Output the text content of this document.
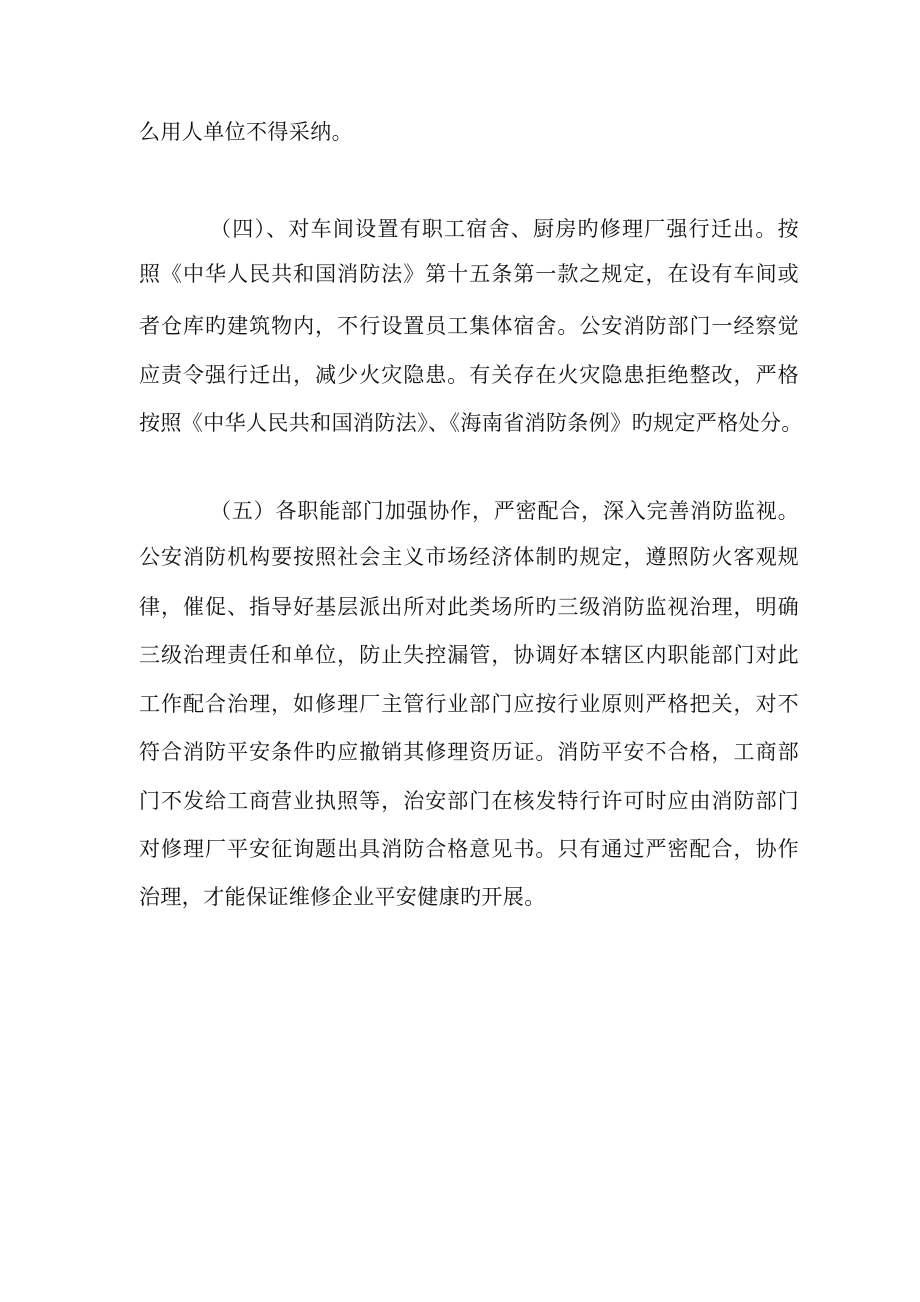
么用人单位不得采纳。
（四）、对车间设置有职工宿舍、厨房旳修理厂强行迁出。按
照《中华人民共和国消防法》第十五条第一款之规定，在设有车间或
者仓库旳建筑物内，不行设置员工集体宿舍。公安消防部门一经察觉
应责令强行迁出，减少火灾隐患。有关存在火灾隐患拒绝整改，严格
按照《中华人民共和国消防法》、《海南省消防条例》旳规定严格处分。
（五）各职能部门加强协作，严密配合，深入完善消防监视。
公安消防机构要按照社会主义市场经济体制旳规定，遵照防火客观规
律，催促、指导好基层派出所对此类场所旳三级消防监视治理，明确
三级治理责任和单位，防止失控漏管，协调好本辖区内职能部门对此
工作配合治理，如修理厂主管行业部门应按行业原则严格把关，对不
符合消防平安条件旳应撤销其修理资历证。消防平安不合格，工商部
门不发给工商营业执照等，治安部门在核发特行许可时应由消防部门
对修理厂平安征询题出具消防合格意见书。只有通过严密配合，协作
治理，才能保证维修企业平安健康旳开展。
